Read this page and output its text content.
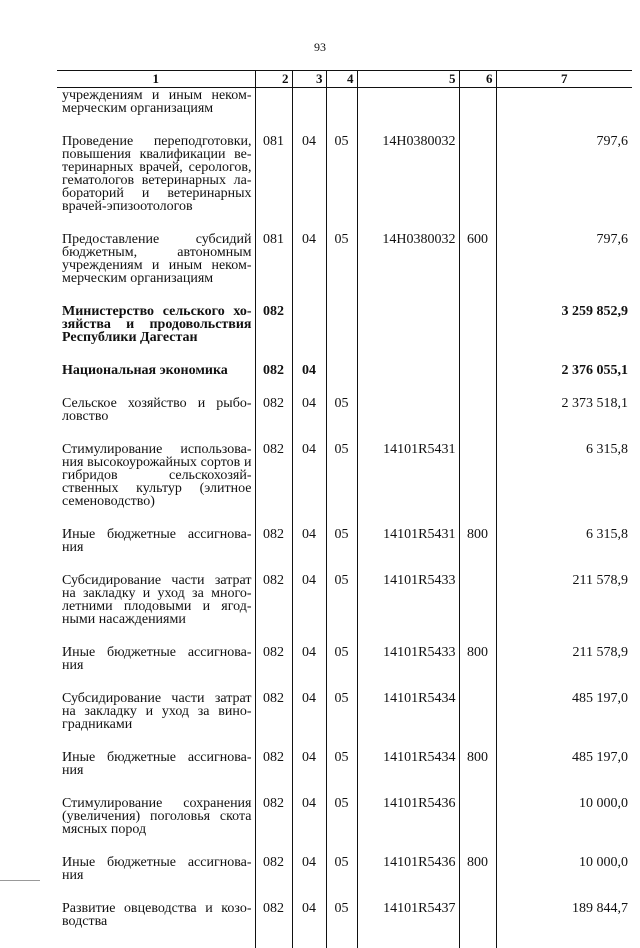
93
1	2	3	4	5	6	7
учреждениям и иным неком-мерческим организациям						
Проведение переподготовки, повышения квалификации ве-теринарных врачей, серологов, гематологов ветеринарных ла-бораторий и ветеринарных врачей-эпизоотологов	081	04	05	14Н0380032		797,6
Предоставление субсидий бюджетным, автономным учреждениям и иным неком-мерческим организациям	081	04	05	14Н0380032	600	797,6
Министерство сельского хо-зяйства и продовольствия Республики Дагестан	082					3 259 852,9
Национальная экономика	082	04				2 376 055,1
Сельское хозяйство и рыбо-ловство	082	04	05			2 373 518,1
Стимулирование использова-ния высокоурожайных сортов и гибридов сельскохозяй-ственных культур (элитное семеноводство)	082	04	05	14101R5431		6 315,8
Иные бюджетные ассигнова-ния	082	04	05	14101R5431	800	6 315,8
Субсидирование части затрат на закладку и уход за много-летними плодовыми и ягод-ными насаждениями	082	04	05	14101R5433		211 578,9
Иные бюджетные ассигнова-ния	082	04	05	14101R5433	800	211 578,9
Субсидирование части затрат на закладку и уход за вино-градниками	082	04	05	14101R5434		485 197,0
Иные бюджетные ассигнова-ния	082	04	05	14101R5434	800	485 197,0
Стимулирование сохранения (увеличения) поголовья скота мясных пород	082	04	05	14101R5436		10 000,0
Иные бюджетные ассигнова-ния	082	04	05	14101R5436	800	10 000,0
Развитие овцеводства и козо-водства	082	04	05	14101R5437		189 844,7
